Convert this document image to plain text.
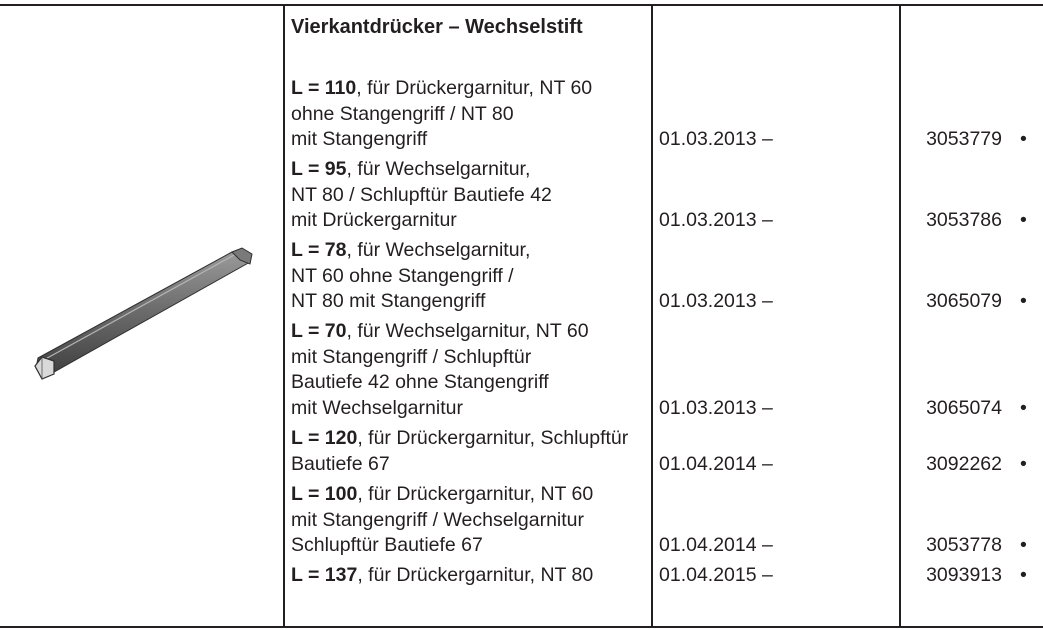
Vierkantdrücker – Wechselstift
L = 110, für Drückergarnitur, NT 60
ohne Stangengriff / NT 80
mit Stangengriff	01.03.2013 –	3053779 •
L = 95, für Wechselgarnitur,
NT 80 / Schlupftür Bautiefe 42
mit Drückergarnitur	01.03.2013 –	3053786 •
L = 78, für Wechselgarnitur,
NT 60 ohne Stangengriff /
NT 80 mit Stangengriff	01.03.2013 –	3065079 •
L = 70, für Wechselgarnitur, NT 60
mit Stangengriff / Schlupftür
Bautiefe 42 ohne Stangengriff
mit Wechselgarnitur	01.03.2013 –	3065074 •
L = 120, für Drückergarnitur, Schlupftür
Bautiefe 67	01.04.2014 –	3092262 •
L = 100, für Drückergarnitur, NT 60
mit Stangengriff / Wechselgarnitur
Schlupftür Bautiefe 67	01.04.2014 –	3053778 •
L = 137, für Drückergarnitur, NT 80	01.04.2015 –	3093913 •
